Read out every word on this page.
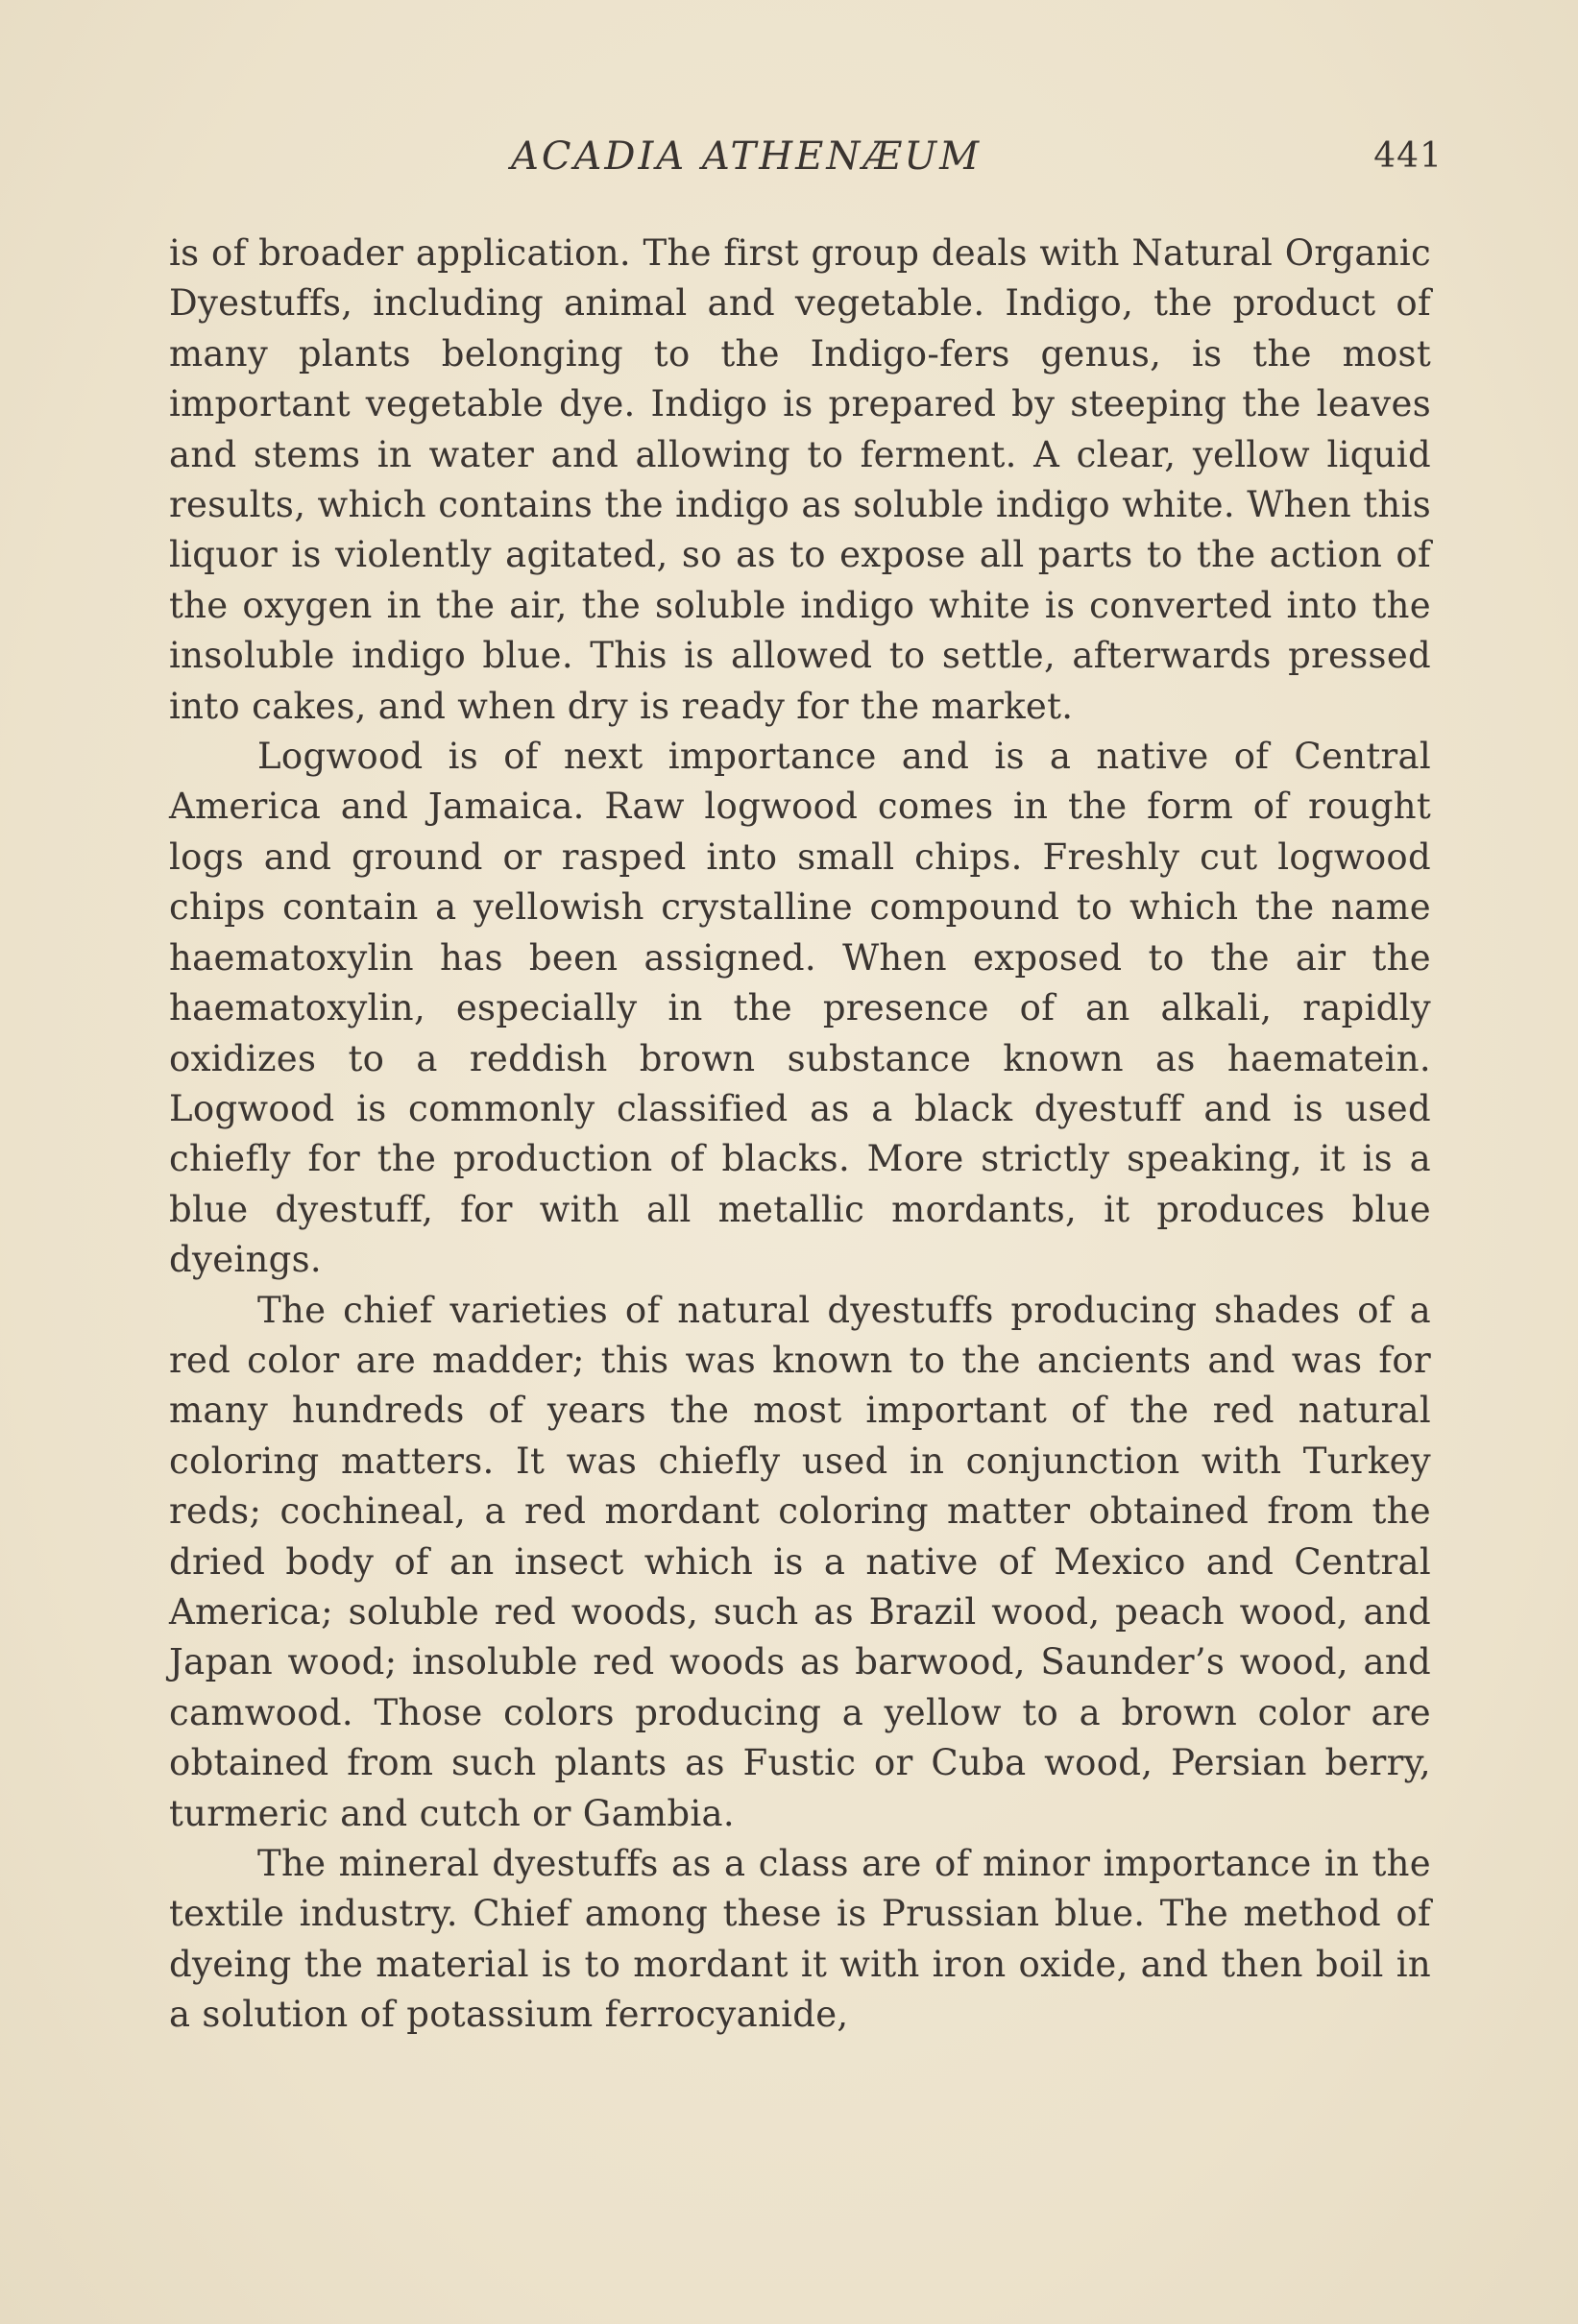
ACADIA ATHENÆUM	441

is of broader application. The first group deals with Natural Organic Dyestuffs, including animal and vegetable. Indigo, the product of many plants belonging to the Indigo-fers genus, is the most important vegetable dye. Indigo is prepared by steeping the leaves and stems in water and allowing to ferment. A clear, yellow liquid results, which contains the indigo as soluble indigo white. When this liquor is violently agitated, so as to expose all parts to the action of the oxygen in the air, the soluble indigo white is converted into the insoluble indigo blue. This is allowed to settle, afterwards pressed into cakes, and when dry is ready for the market.

Logwood is of next importance and is a native of Central America and Jamaica. Raw logwood comes in the form of rought logs and ground or rasped into small chips. Freshly cut logwood chips contain a yellowish crystalline compound to which the name haematoxylin has been assigned. When exposed to the air the haematoxylin, especially in the presence of an alkali, rapidly oxidizes to a reddish brown substance known as haematein. Logwood is commonly classified as a black dyestuff and is used chiefly for the production of blacks. More strictly speaking, it is a blue dyestuff, for with all metallic mordants, it produces blue dyeings.

The chief varieties of natural dyestuffs producing shades of a red color are madder; this was known to the ancients and was for many hundreds of years the most important of the red natural coloring matters. It was chiefly used in conjunction with Turkey reds; cochineal, a red mordant coloring matter obtained from the dried body of an insect which is a native of Mexico and Central America; soluble red woods, such as Brazil wood, peach wood, and Japan wood; insoluble red woods as barwood, Saunder’s wood, and camwood. Those colors producing a yellow to a brown color are obtained from such plants as Fustic or Cuba wood, Persian berry, turmeric and cutch or Gambia.

The mineral dyestuffs as a class are of minor importance in the textile industry. Chief among these is Prussian blue. The method of dyeing the material is to mordant it with iron oxide, and then boil in a solution of potassium ferrocyanide,
